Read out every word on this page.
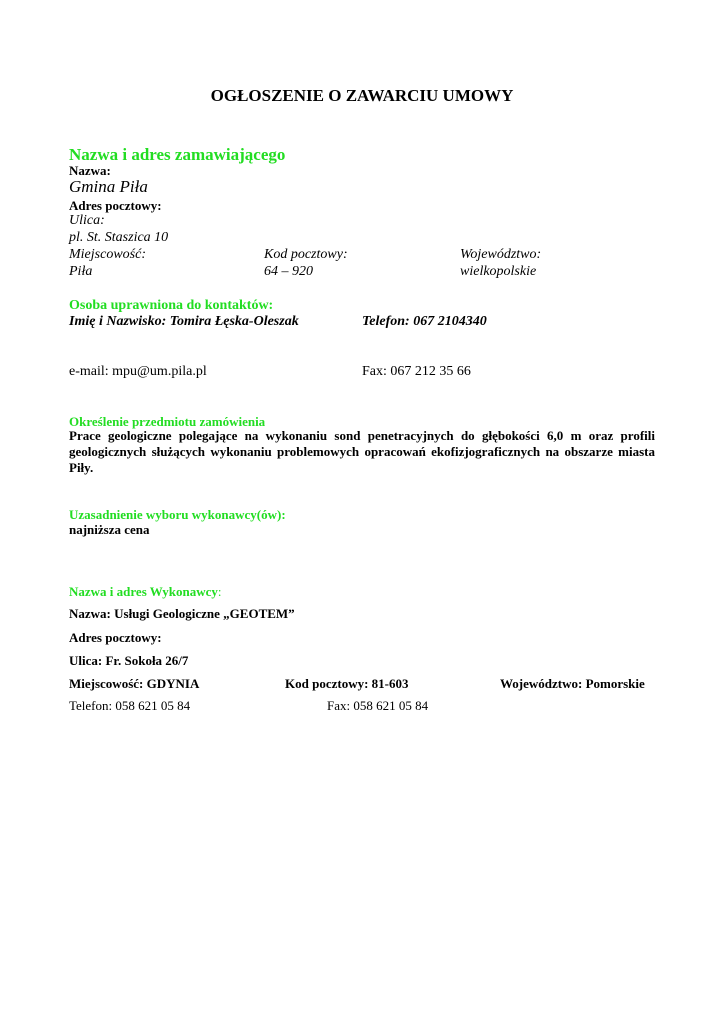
OGŁOSZENIE O ZAWARCIU UMOWY
Nazwa i adres zamawiającego
Nazwa:
Gmina Piła
Adres pocztowy:
Ulica:
pl. St. Staszica 10
Miejscowość:	Kod pocztowy:	Województwo:
Piła	64 – 920	wielkopolskie
Osoba uprawniona do kontaktów:
Imię i Nazwisko: Tomira Łęska-Oleszak	Telefon: 067 2104340
e-mail: mpu@um.pila.pl	Fax: 067 212 35 66
Określenie przedmiotu zamówienia
Prace geologiczne polegające na wykonaniu sond penetracyjnych do głębokości 6,0 m oraz profili geologicznych służących wykonaniu problemowych opracowań ekofizjograficznych na obszarze miasta Piły.
Uzasadnienie wyboru wykonawcy(ów):
najniższa cena
Nazwa i adres Wykonawcy:
Nazwa: Usługi Geologiczne „GEOTEM”
Adres pocztowy:
Ulica: Fr. Sokoła 26/7
Miejscowość: GDYNIA	Kod pocztowy: 81-603	Województwo: Pomorskie
Telefon: 058 621 05 84	Fax: 058 621 05 84
